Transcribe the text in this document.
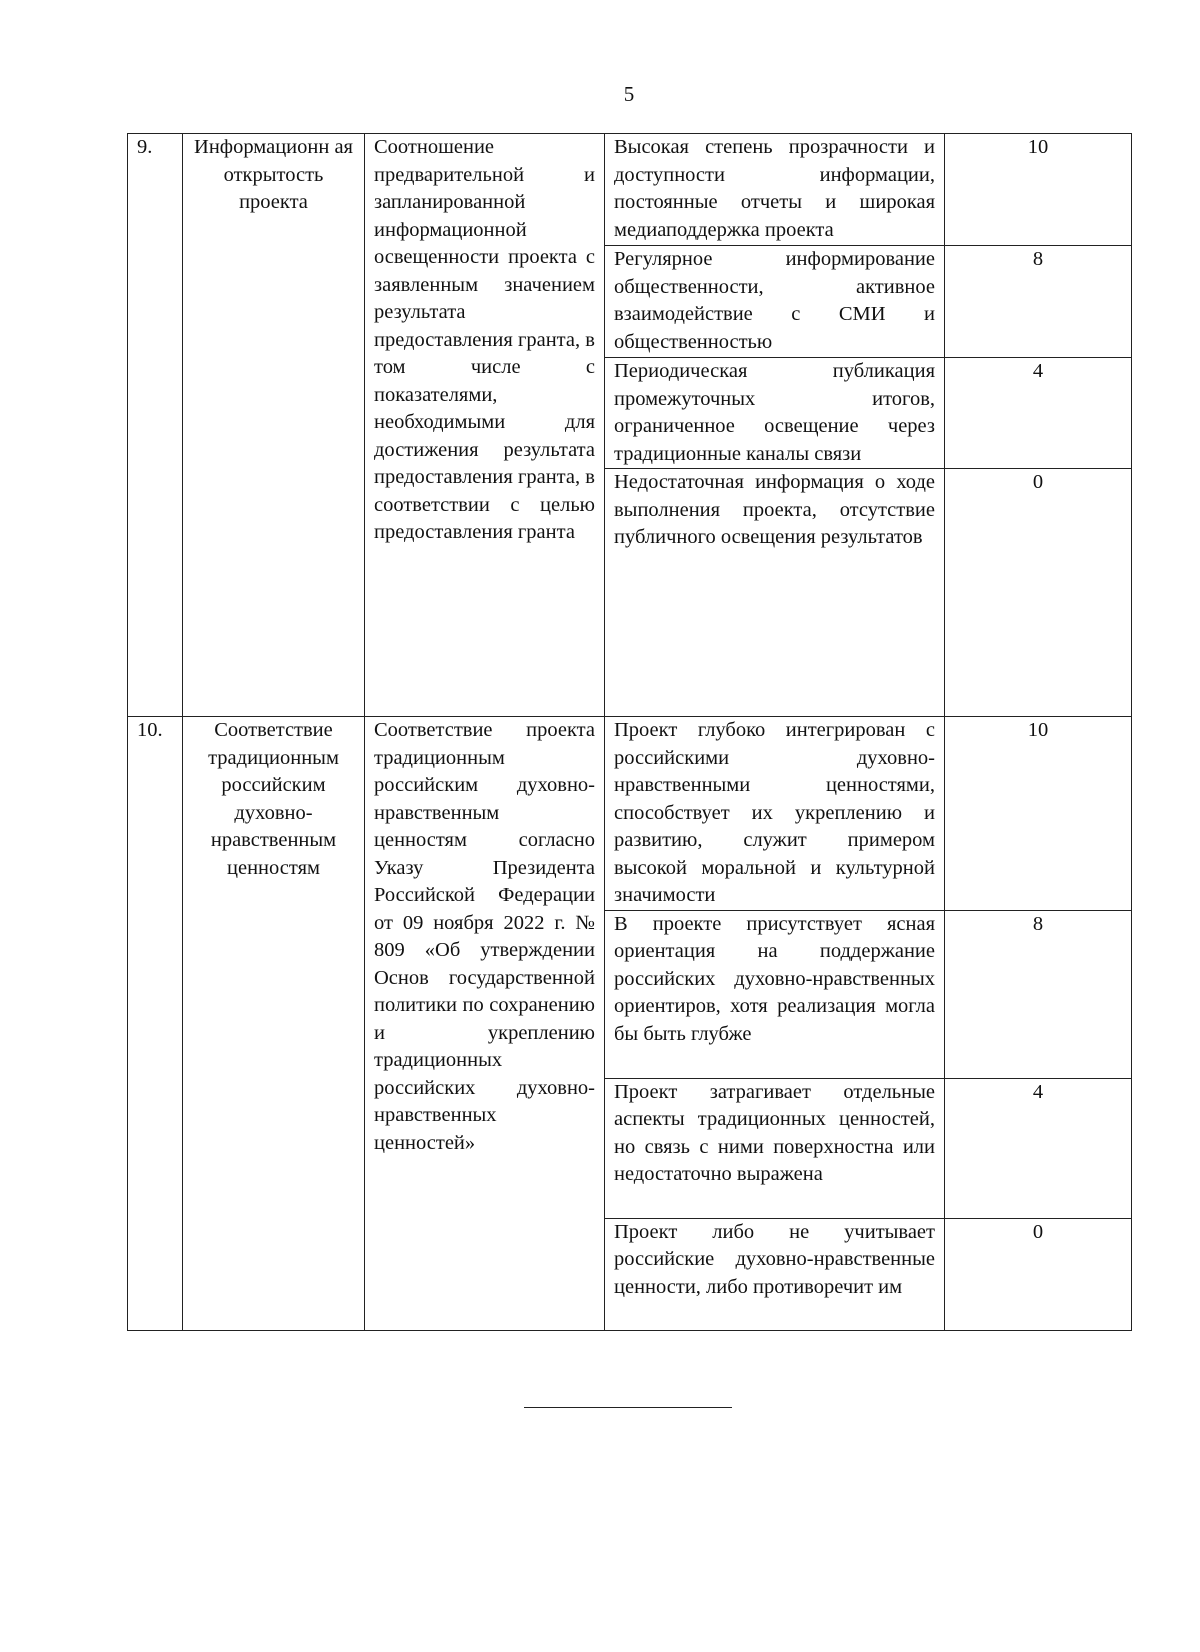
5
9.	Информационн ая открытость проекта	Соотношение предварительной и запланированной информационной освещенности проекта с заявленным значением результата предоставления гранта, в том числе с показателями, необходимыми для достижения результата предоставления гранта, в соответствии с целью предоставления гранта	Высокая степень прозрачности и доступности информации, постоянные отчеты и широкая медиаподдержка проекта	10
			Регулярное информирование общественности, активное взаимодействие с СМИ и общественностью	8
			Периодическая публикация промежуточных итогов, ограниченное освещение через традиционные каналы связи	4
			Недостаточная информация о ходе выполнения проекта, отсутствие публичного освещения результатов	0
10.	Соответствие традиционным российским духовно-нравственным ценностям	Соответствие проекта традиционным российским духовно-нравственным ценностям согласно Указу Президента Российской Федерации от 09 ноября 2022 г. № 809 «Об утверждении Основ государственной политики по сохранению и укреплению традиционных российских духовно-нравственных ценностей»	Проект глубоко интегрирован с российскими духовно-нравственными ценностями, способствует их укреплению и развитию, служит примером высокой моральной и культурной значимости	10
			В проекте присутствует ясная ориентация на поддержание российских духовно-нравственных ориентиров, хотя реализация могла бы быть глубже	8
			Проект затрагивает отдельные аспекты традиционных ценностей, но связь с ними поверхностна или недостаточно выражена	4
			Проект либо не учитывает российские духовно-нравственные ценности, либо противоречит им	0
